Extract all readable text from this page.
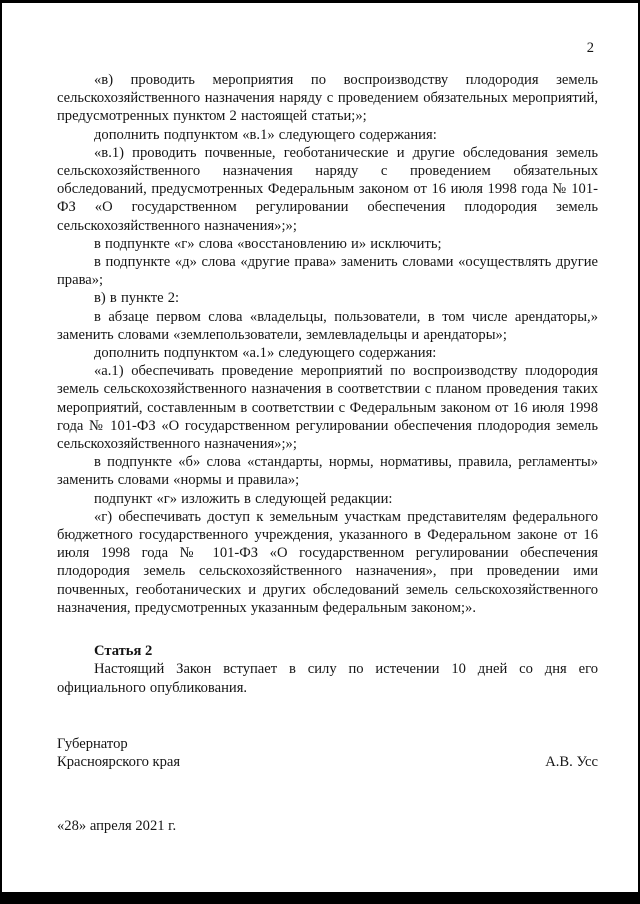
2

«в) проводить мероприятия по воспроизводству плодородия земель сельскохозяйственного назначения наряду с проведением обязательных мероприятий, предусмотренных пунктом 2 настоящей статьи;»;

дополнить подпунктом «в.1» следующего содержания:

«в.1) проводить почвенные, геоботанические и другие обследования земель сельскохозяйственного назначения наряду с проведением обязательных обследований, предусмотренных Федеральным законом от 16 июля 1998 года № 101-ФЗ «О государственном регулировании обеспечения плодородия земель сельскохозяйственного назначения»;»;

в подпункте «г» слова «восстановлению и» исключить;

в подпункте «д» слова «другие права» заменить словами «осуществлять другие права»;

в) в пункте 2:

в абзаце первом слова «владельцы, пользователи, в том числе арендаторы,» заменить словами «землепользователи, землевладельцы и арендаторы»;

дополнить подпунктом «а.1» следующего содержания:

«а.1) обеспечивать проведение мероприятий по воспроизводству плодородия земель сельскохозяйственного назначения в соответствии с планом проведения таких мероприятий, составленным в соответствии с Федеральным законом от 16 июля 1998 года № 101-ФЗ «О государственном регулировании обеспечения плодородия земель сельскохозяйственного назначения»;»;

в подпункте «б» слова «стандарты, нормы, нормативы, правила, регламенты» заменить словами «нормы и правила»;

подпункт «г» изложить в следующей редакции:

«г) обеспечивать доступ к земельным участкам представителям федерального бюджетного государственного учреждения, указанного в Федеральном законе от 16 июля 1998 года № 101-ФЗ «О государственном регулировании обеспечения плодородия земель сельскохозяйственного назначения», при проведении ими почвенных, геоботанических и других обследований земель сельскохозяйственного назначения, предусмотренных указанным федеральным законом;».

Статья 2

Настоящий Закон вступает в силу по истечении 10 дней со дня его официального опубликования.

Губернатор
Красноярского края	А.В. Усс

«28» апреля 2021 г.
